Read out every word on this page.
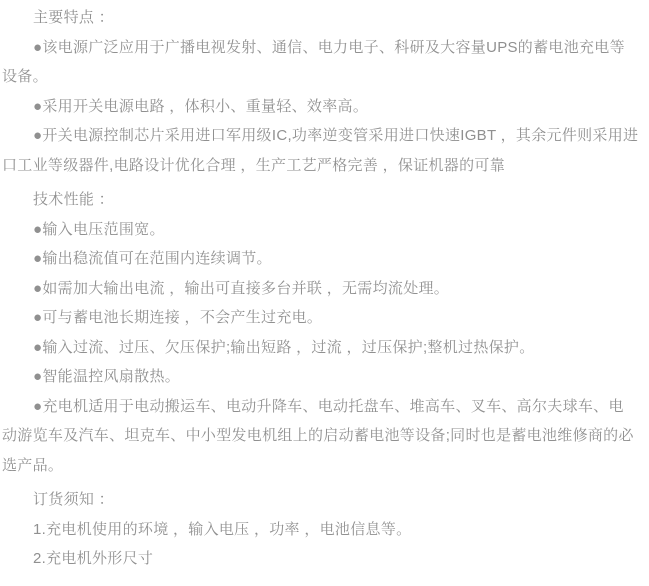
主要特点 ：
●该电源广泛应用于广播电视发射、通信、电力电子、科研及大容量UPS的蓄电池充电等
设备。
●采用开关电源电路 ，体积小、重量轻、效率高。
●开关电源控制芯片采用进口军用级IC,功率逆变管采用进口快速IGBT ，其余元件则采用进
口工业等级器件,电路设计优化合理 ，生产工艺严格完善 ，保证机器的可靠
技术性能 ：
●输入电压范围宽。
●输出稳流值可在范围内连续调节。
●如需加大输出电流 ，输出可直接多台并联 ，无需均流处理。
●可与蓄电池长期连接 ，不会产生过充电。
●输入过流、过压、欠压保护;输出短路 ，过流 ，过压保护;整机过热保护。
●智能温控风扇散热。
●充电机适用于电动搬运车、电动升降车、电动托盘车、堆高车、叉车、高尔夫球车、电
动游览车及汽车、坦克车、中小型发电机组上的启动蓄电池等设备;同时也是蓄电池维修商的必
选产品。
订货须知 ：
1.充电机使用的环境 ，输入电压 ，功率 ，电池信息等。
2.充电机外形尺寸
